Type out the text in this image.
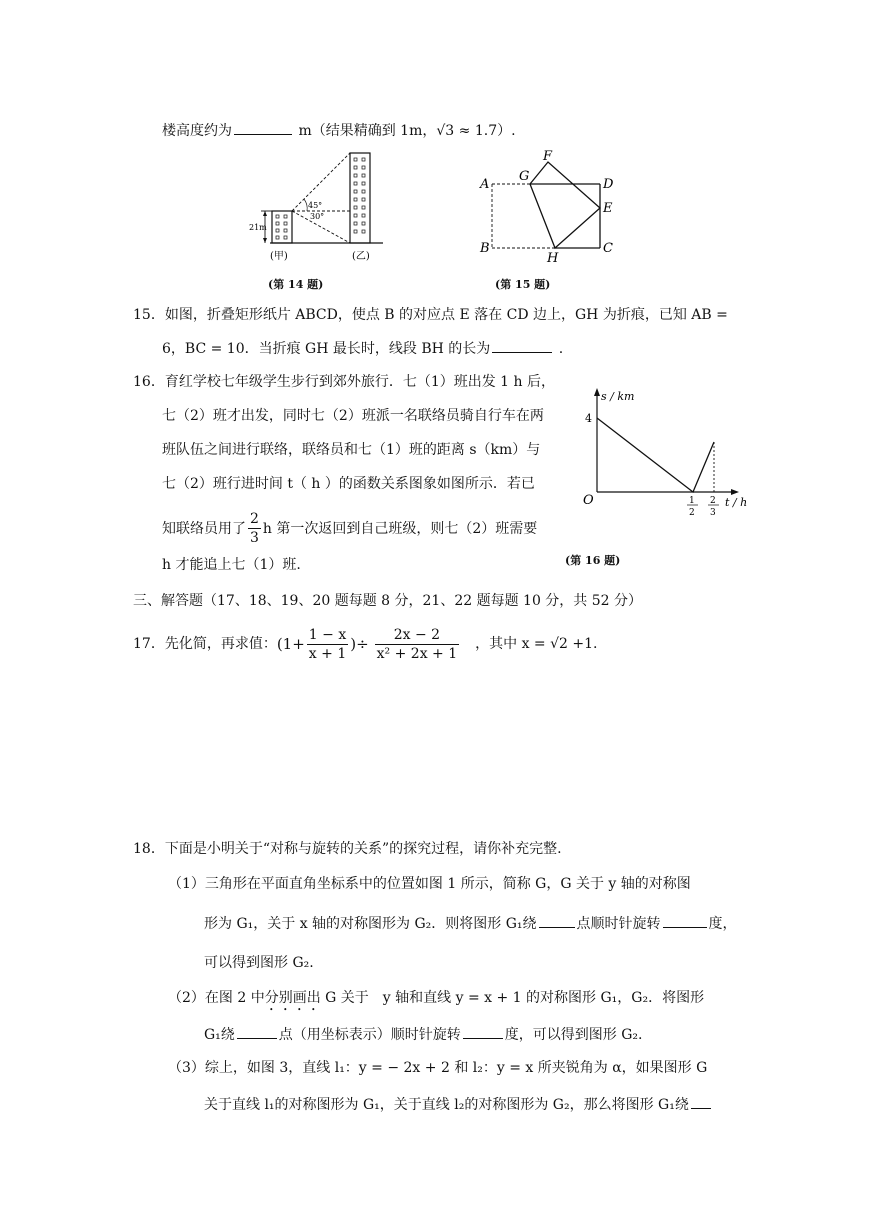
楼高度约为	m（结果精确到 1m，√3 ≈ 1.7）.
21m
45°
30°
(甲)	(乙)
(第 14 题)
A
B	C
D
E
F
G
H
(第 15 题)
15．如图，折叠矩形纸片 ABCD，使点 B 的对应点 E 落在 CD 边上，GH 为折痕，已知 AB =
6，BC = 10．当折痕 GH 最长时，线段 BH 的长为	.
16．育红学校七年级学生步行到郊外旅行．七（1）班出发 1 h 后，
七（2）班才出发，同时七（2）班派一名联络员骑自行车在两
班队伍之间进行联络，联络员和七（1）班的距离 s（km）与
七（2）班行进时间 t（ h ）的函数关系图象如图所示．若已
知联络员用了 $\frac{2}{3}$ h 第一次返回到自己班级，则七（2）班需要
h 才能追上七（1）班.
s / km
4
O	t / h
1
2
2
3
(第 16 题)
三、解答题（17、18、19、20 题每题 8 分，21、22 题每题 10 分，共 52 分）
17．先化简，再求值： ($1+ \frac{1 - x}{x + 1}$ )÷ $\frac{2x - 2}{\text{x² + 2x + 1}}$ ，其中 x = √2 +1.
18．下面是小明关于“对称与旋转的关系”的探究过程，请你补充完整.
（1）三角形在平面直角坐标系中的位置如图 1 所示，简称 G，G 关于 y 轴的对称图
形为 G₁，关于 x 轴的对称图形为 G₂．则将图形 G₁绕	点顺时针旋转	度，
可以得到图形 G₂.
（2）在图 2 中分别画出 G 关于　y 轴和直线 y = x + 1 的对称图形 G₁，G₂．将图形
G₁绕	点（用坐标表示）顺时针旋转	度，可以得到图形 G₂.
（3）综上，如图 3，直线 l₁：y = − 2x + 2 和 l₂：y = x 所夹锐角为 α，如果图形 G
关于直线 l₁的对称图形为 G₁，关于直线 l₂的对称图形为 G₂，那么将图形 G₁绕
